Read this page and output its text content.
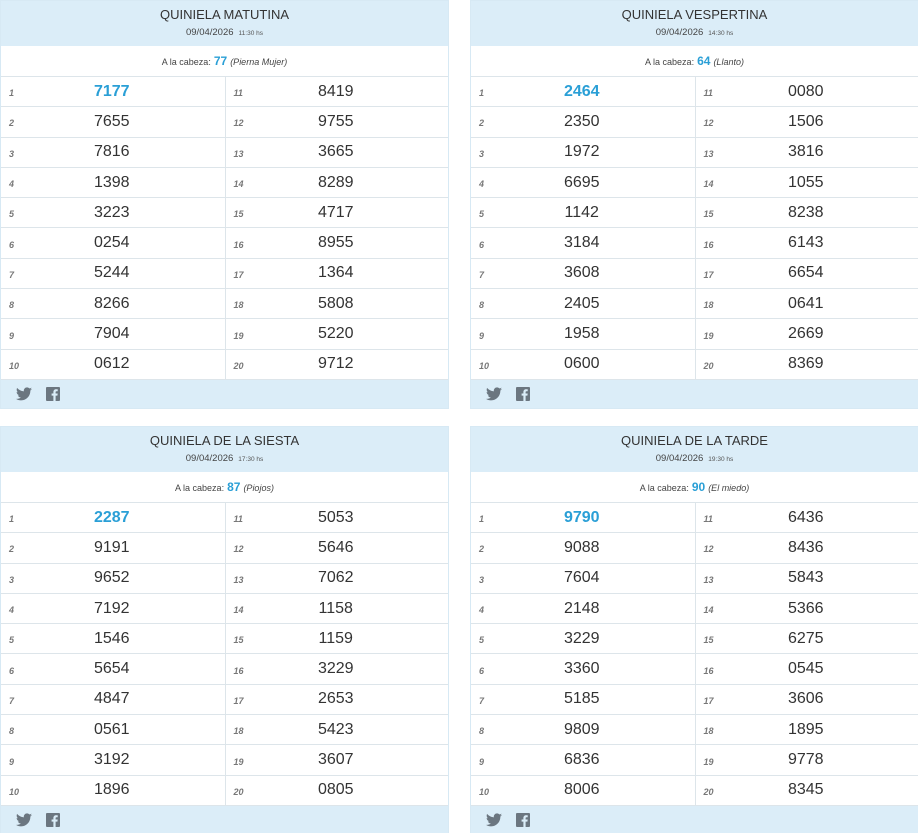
QUINIELA MATUTINA
09/04/2026 11:30 hs
A la cabeza: 77 (Pierna Mujer)
1	7177
2	7655
3	7816
4	1398
5	3223
6	0254
7	5244
8	8266
9	7904
10	0612
11	8419
12	9755
13	3665
14	8289
15	4717
16	8955
17	1364
18	5808
19	5220
20	9712
QUINIELA VESPERTINA
09/04/2026 14:30 hs
A la cabeza: 64 (Llanto)
1	2464
2	2350
3	1972
4	6695
5	1142
6	3184
7	3608
8	2405
9	1958
10	0600
11	0080
12	1506
13	3816
14	1055
15	8238
16	6143
17	6654
18	0641
19	2669
20	8369
QUINIELA DE LA SIESTA
09/04/2026 17:30 hs
A la cabeza: 87 (Piojos)
1	2287
2	9191
3	9652
4	7192
5	1546
6	5654
7	4847
8	0561
9	3192
10	1896
11	5053
12	5646
13	7062
14	1158
15	1159
16	3229
17	2653
18	5423
19	3607
20	0805
QUINIELA DE LA TARDE
09/04/2026 19:30 hs
A la cabeza: 90 (El miedo)
1	9790
2	9088
3	7604
4	2148
5	3229
6	3360
7	5185
8	9809
9	6836
10	8006
11	6436
12	8436
13	5843
14	5366
15	6275
16	0545
17	3606
18	1895
19	9778
20	8345
